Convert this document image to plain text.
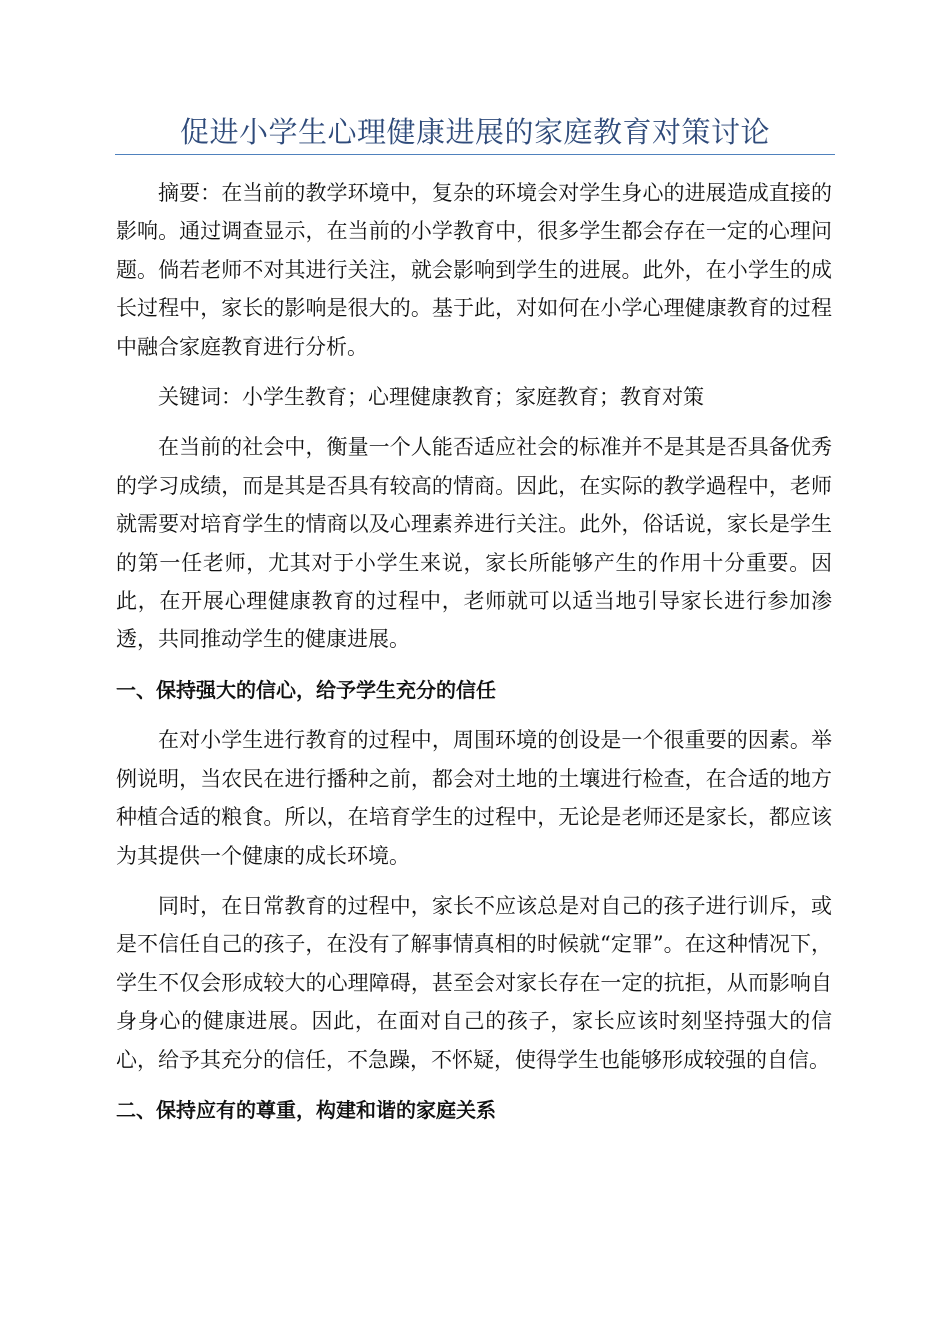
促进小学生心理健康进展的家庭教育对策讨论

摘要：在当前的教学环境中，复杂的环境会对学生身心的进展造成直接的影响。通过调查显示，在当前的小学教育中，很多学生都会存在一定的心理问题。倘若老师不对其进行关注，就会影响到学生的进展。此外，在小学生的成长过程中，家长的影响是很大的。基于此，对如何在小学心理健康教育的过程中融合家庭教育进行分析。

关键词：小学生教育；心理健康教育；家庭教育；教育对策

在当前的社会中，衡量一个人能否适应社会的标准并不是其是否具备优秀的学习成绩，而是其是否具有较高的情商。因此，在实际的教学過程中，老师就需要对培育学生的情商以及心理素养进行关注。此外，俗话说，家长是学生的第一任老师，尤其对于小学生来说，家长所能够产生的作用十分重要。因此，在开展心理健康教育的过程中，老师就可以适当地引导家长进行参加渗透，共同推动学生的健康进展。

一、保持强大的信心，给予学生充分的信任

在对小学生进行教育的过程中，周围环境的创设是一个很重要的因素。举例说明，当农民在进行播种之前，都会对土地的土壤进行检查，在合适的地方种植合适的粮食。所以，在培育学生的过程中，无论是老师还是家长，都应该为其提供一个健康的成长环境。

同时，在日常教育的过程中，家长不应该总是对自己的孩子进行训斥，或是不信任自己的孩子，在没有了解事情真相的时候就“定罪”。在这种情况下，学生不仅会形成较大的心理障碍，甚至会对家长存在一定的抗拒，从而影响自身身心的健康进展。因此，在面对自己的孩子，家长应该时刻坚持强大的信心，给予其充分的信任，不急躁，不怀疑，使得学生也能够形成较强的自信。

二、保持应有的尊重，构建和谐的家庭关系
